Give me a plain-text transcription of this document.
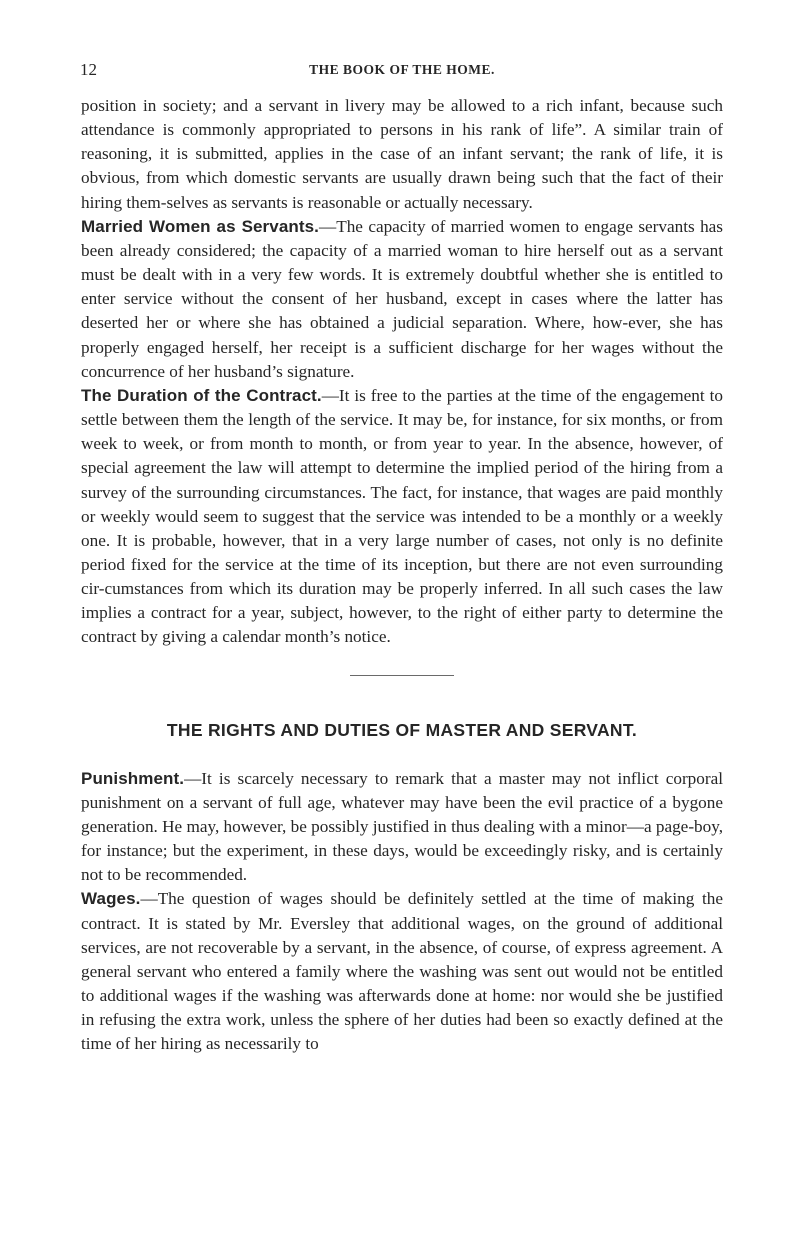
12	THE BOOK OF THE HOME.

position in society; and a servant in livery may be allowed to a rich infant, because such attendance is commonly appropriated to persons in his rank of life”. A similar train of reasoning, it is submitted, applies in the case of an infant servant; the rank of life, it is obvious, from which domestic servants are usually drawn being such that the fact of their hiring them-selves as servants is reasonable or actually necessary.

Married Women as Servants.—The capacity of married women to engage servants has been already considered; the capacity of a married woman to hire herself out as a servant must be dealt with in a very few words. It is extremely doubtful whether she is entitled to enter service without the consent of her husband, except in cases where the latter has deserted her or where she has obtained a judicial separation. Where, how-ever, she has properly engaged herself, her receipt is a sufficient discharge for her wages without the concurrence of her husband’s signature.

The Duration of the Contract.—It is free to the parties at the time of the engagement to settle between them the length of the service. It may be, for instance, for six months, or from week to week, or from month to month, or from year to year. In the absence, however, of special agreement the law will attempt to determine the implied period of the hiring from a survey of the surrounding circumstances. The fact, for instance, that wages are paid monthly or weekly would seem to suggest that the service was intended to be a monthly or a weekly one. It is probable, however, that in a very large number of cases, not only is no definite period fixed for the service at the time of its inception, but there are not even surrounding cir-cumstances from which its duration may be properly inferred. In all such cases the law implies a contract for a year, subject, however, to the right of either party to determine the contract by giving a calendar month’s notice.

THE RIGHTS AND DUTIES OF MASTER AND SERVANT.

Punishment.—It is scarcely necessary to remark that a master may not inflict corporal punishment on a servant of full age, whatever may have been the evil practice of a bygone generation. He may, however, be possibly justified in thus dealing with a minor—a page-boy, for instance; but the experiment, in these days, would be exceedingly risky, and is certainly not to be recommended.

Wages.—The question of wages should be definitely settled at the time of making the contract. It is stated by Mr. Eversley that additional wages, on the ground of additional services, are not recoverable by a servant, in the absence, of course, of express agreement. A general servant who entered a family where the washing was sent out would not be entitled to additional wages if the washing was afterwards done at home: nor would she be justified in refusing the extra work, unless the sphere of her duties had been so exactly defined at the time of her hiring as necessarily to
